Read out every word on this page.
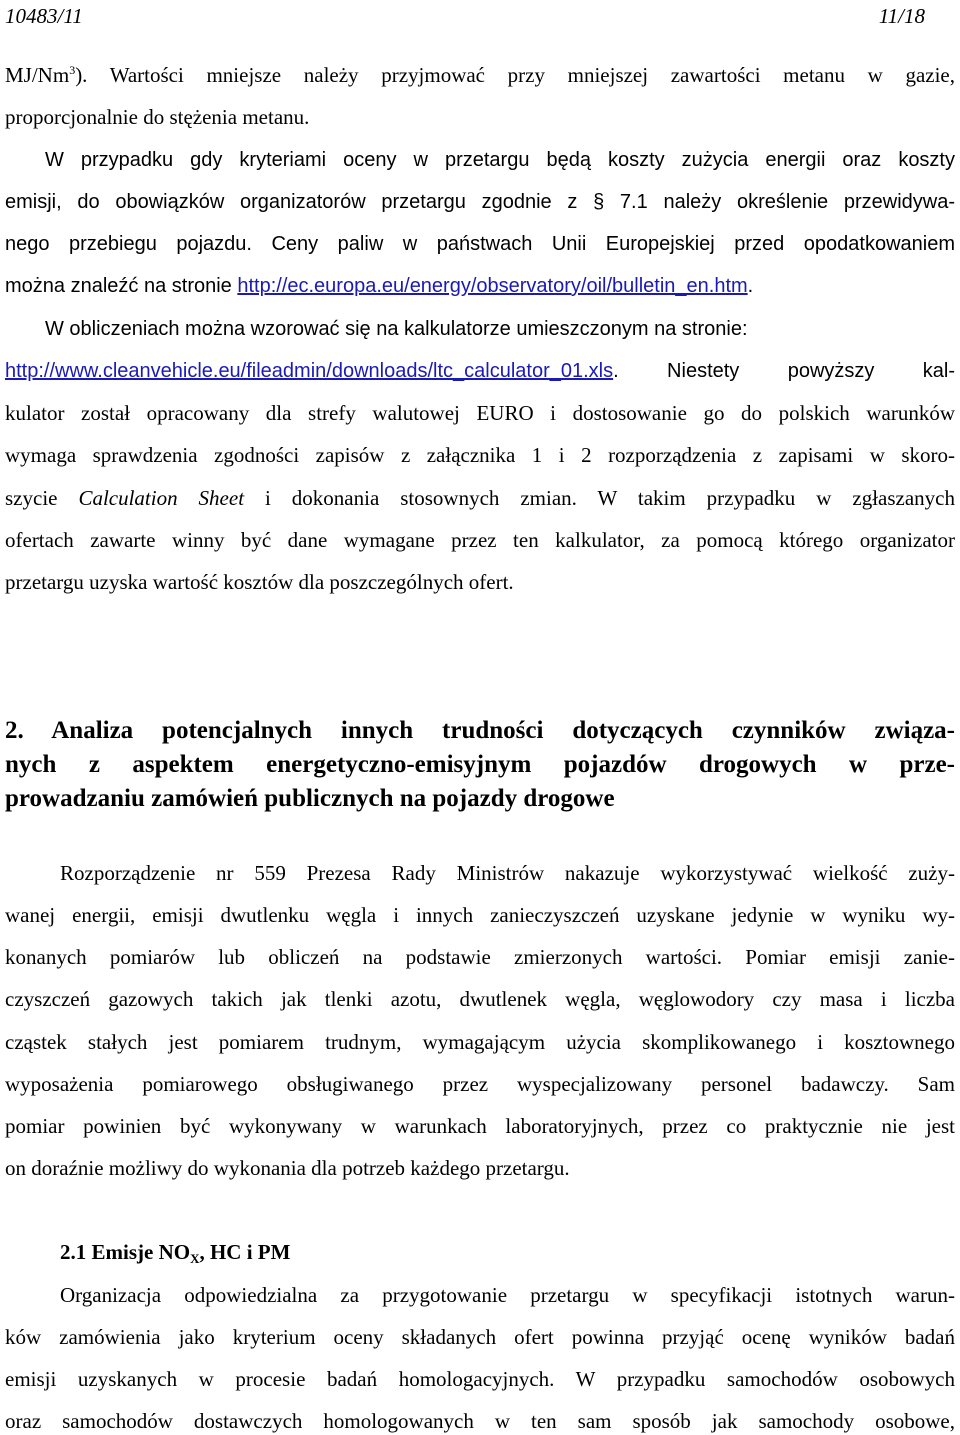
10483/11	11/18
MJ/Nm$^3$). Wartości mniejsze należy przyjmować przy mniejszej zawartości metanu w gazie,
proporcjonalnie do stężenia metanu.
W przypadku gdy kryteriami oceny w przetargu będą koszty zużycia energii oraz koszty
emisji, do obowiązków organizatorów przetargu zgodnie z § 7.1 należy określenie przewidywa-
nego przebiegu pojazdu. Ceny paliw w państwach Unii Europejskiej przed opodatkowaniem
można znaleźć na stronie http://ec.europa.eu/energy/observatory/oil/bulletin_en.htm.
W obliczeniach można wzorować się na kalkulatorze umieszczonym na stronie:
http://www.cleanvehicle.eu/fileadmin/downloads/ltc_calculator_01.xls. Niestety powyższy kal-
kulator został opracowany dla strefy walutowej EURO i dostosowanie go do polskich warunków
wymaga sprawdzenia zgodności zapisów z załącznika 1 i 2 rozporządzenia z zapisami w skoro-
szycie Calculation Sheet i dokonania stosownych zmian. W takim przypadku w zgłaszanych
ofertach zawarte winny być dane wymagane przez ten kalkulator, za pomocą którego organizator
przetargu uzyska wartość kosztów dla poszczególnych ofert.
2. Analiza potencjalnych innych trudności dotyczących czynników związa-
nych z aspektem energetyczno-emisyjnym pojazdów drogowych w prze-
prowadzaniu zamówień publicznych na pojazdy drogowe
Rozporządzenie nr 559 Prezesa Rady Ministrów nakazuje wykorzystywać wielkość zuży-
wanej energii, emisji dwutlenku węgla i innych zanieczyszczeń uzyskane jedynie w wyniku wy-
konanych pomiarów lub obliczeń na podstawie zmierzonych wartości. Pomiar emisji zanie-
czyszczeń gazowych takich jak tlenki azotu, dwutlenek węgla, węglowodory czy masa i liczba
cząstek stałych jest pomiarem trudnym, wymagającym użycia skomplikowanego i kosztownego
wyposażenia pomiarowego obsługiwanego przez wyspecjalizowany personel badawczy. Sam
pomiar powinien być wykonywany w warunkach laboratoryjnych, przez co praktycznie nie jest
on doraźnie możliwy do wykonania dla potrzeb każdego przetargu.
2.1 Emisje $NO_X$, HC i PM
Organizacja odpowiedzialna za przygotowanie przetargu w specyfikacji istotnych warun-
ków zamówienia jako kryterium oceny składanych ofert powinna przyjąć ocenę wyników badań
emisji uzyskanych w procesie badań homologacyjnych. W przypadku samochodów osobowych
oraz samochodów dostawczych homologowanych w ten sam sposób jak samochody osobowe,
